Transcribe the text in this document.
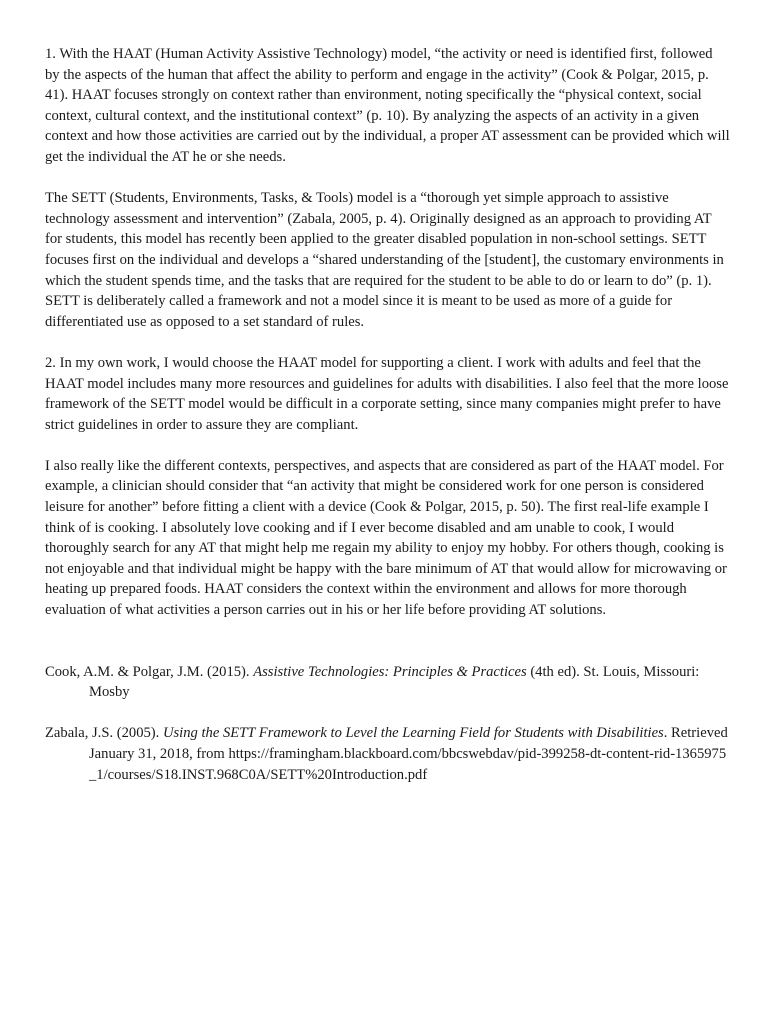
1. With the HAAT (Human Activity Assistive Technology) model, “the activity or need is identified first, followed by the aspects of the human that affect the ability to perform and engage in the activity” (Cook & Polgar, 2015, p. 41). HAAT focuses strongly on context rather than environment, noting specifically the “physical context, social context, cultural context, and the institutional context” (p. 10). By analyzing the aspects of an activity in a given context and how those activities are carried out by the individual, a proper AT assessment can be provided which will get the individual the AT he or she needs.

The SETT (Students, Environments, Tasks, & Tools) model is a “thorough yet simple approach to assistive technology assessment and intervention” (Zabala, 2005, p. 4). Originally designed as an approach to providing AT for students, this model has recently been applied to the greater disabled population in non-school settings. SETT focuses first on the individual and develops a “shared understanding of the [student], the customary environments in which the student spends time, and the tasks that are required for the student to be able to do or learn to do” (p. 1). SETT is deliberately called a framework and not a model since it is meant to be used as more of a guide for differentiated use as opposed to a set standard of rules.

2. In my own work, I would choose the HAAT model for supporting a client. I work with adults and feel that the HAAT model includes many more resources and guidelines for adults with disabilities. I also feel that the more loose framework of the SETT model would be difficult in a corporate setting, since many companies might prefer to have strict guidelines in order to assure they are compliant.

I also really like the different contexts, perspectives, and aspects that are considered as part of the HAAT model. For example, a clinician should consider that “an activity that might be considered work for one person is considered leisure for another” before fitting a client with a device (Cook & Polgar, 2015, p. 50). The first real-life example I think of is cooking. I absolutely love cooking and if I ever become disabled and am unable to cook, I would thoroughly search for any AT that might help me regain my ability to enjoy my hobby. For others though, cooking is not enjoyable and that individual might be happy with the bare minimum of AT that would allow for microwaving or heating up prepared foods. HAAT considers the context within the environment and allows for more thorough evaluation of what activities a person carries out in his or her life before providing AT solutions.

Cook, A.M. & Polgar, J.M. (2015). Assistive Technologies: Principles & Practices (4th ed). St. Louis, Missouri: Mosby

Zabala, J.S. (2005). Using the SETT Framework to Level the Learning Field for Students with Disabilities. Retrieved January 31, 2018, from https://framingham.blackboard.com/bbcswebdav/pid-399258-dt-content-rid-1365975_1/courses/S18.INST.968C0A/SETT%20Introduction.pdf
